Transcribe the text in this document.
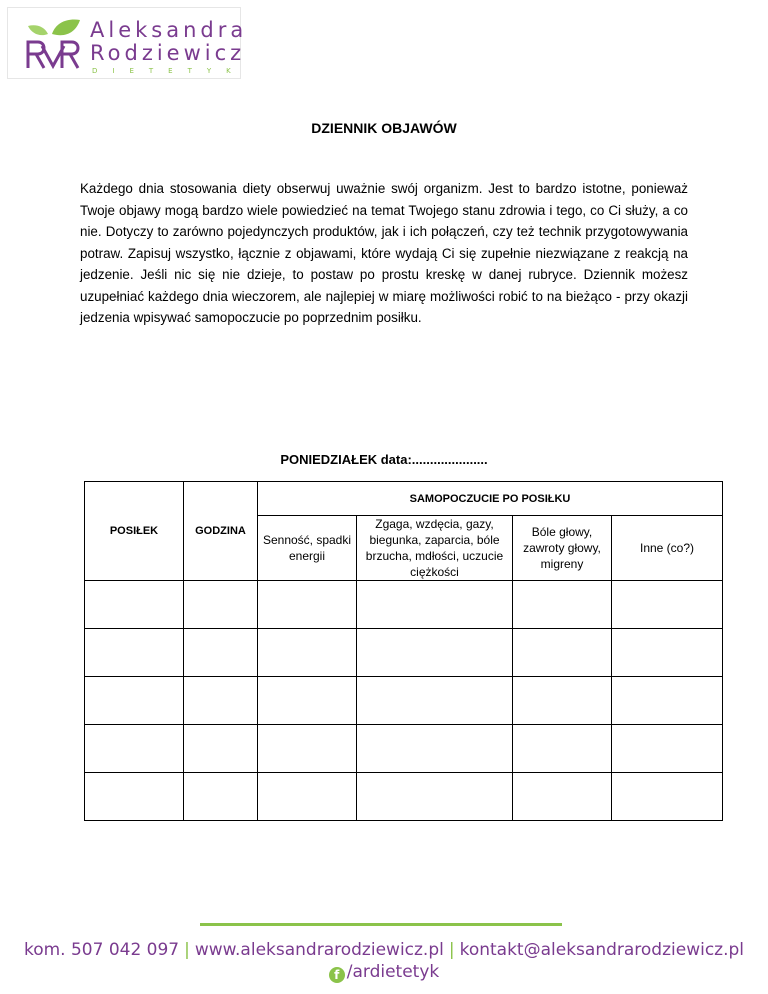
Aleksandra
Rodziewicz
DIETETYK
DZIENNIK OBJAWÓW

Każdego dnia stosowania diety obserwuj uważnie swój organizm. Jest to bardzo istotne, ponieważ Twoje objawy mogą bardzo wiele powiedzieć na temat Twojego stanu zdrowia i tego, co Ci służy, a co nie. Dotyczy to zarówno pojedynczych produktów, jak i ich połączeń, czy też technik przygotowywania potraw. Zapisuj wszystko, łącznie z objawami, które wydają Ci się zupełnie niezwiązane z reakcją na jedzenie. Jeśli nic się nie dzieje, to postaw po prostu kreskę w danej rubryce. Dziennik możesz uzupełniać każdego dnia wieczorem, ale najlepiej w miarę możliwości robić to na bieżąco - przy okazji jedzenia wpisywać samopoczucie po poprzednim posiłku.

PONIEDZIAŁEK data:.....................
POSIŁEK	GODZINA	SAMOPOCZUCIE PO POSIŁKU			
		Senność, spadki energii	Zgaga, wzdęcia, gazy, biegunka, zaparcia, bóle brzucha, mdłości, uczucie ciężkości	Bóle głowy, zawroty głowy, migreny	Inne (co?)

kom. 507 042 097 | www.aleksandrarodziewicz.pl | kontakt@aleksandrarodziewicz.pl
f /ardietetyk
